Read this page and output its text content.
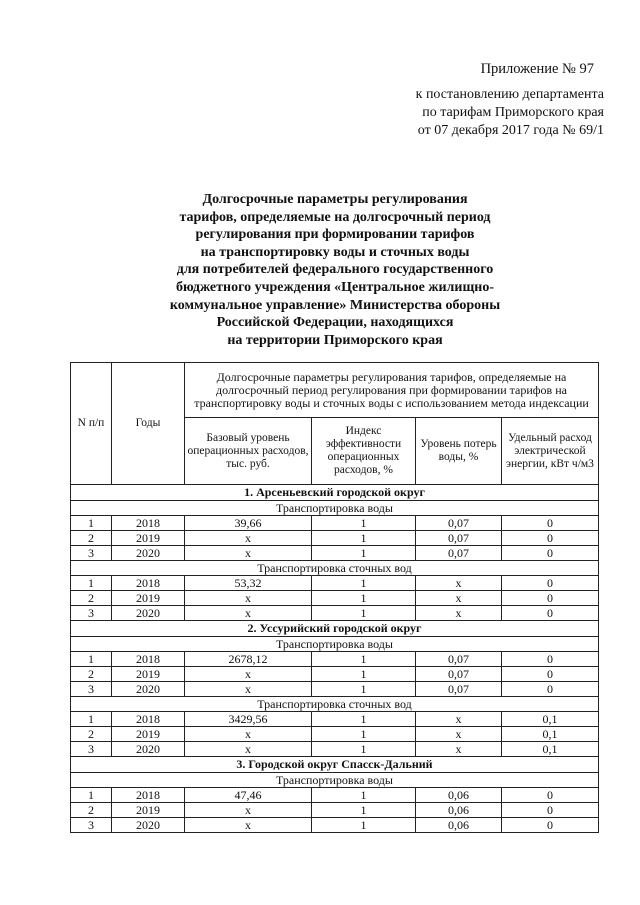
Приложение № 97
к постановлению департамента
по тарифам Приморского края
от 07 декабря 2017 года № 69/1
Долгосрочные параметры регулирования
тарифов, определяемые на долгосрочный период
регулирования при формировании тарифов
на транспортировку воды и сточных воды
для потребителей федерального государственного
бюджетного учреждения «Центральное жилищно-
коммунальное управление» Министерства обороны
Российской Федерации, находящихся
на территории Приморского края
N п/п	Годы	Долгосрочные параметры регулирования тарифов, определяемые на долгосрочный период регулирования при формировании тарифов на транспортировку воды и сточных воды с использованием метода индексации			
		Базовый уровень операционных расходов, тыс. руб.	Индекс эффективности операционных расходов, %	Уровень потерь воды, %	Удельный расход электрической энергии, кВт ч/м3
1. Арсеньевский городской округ					
Транспортировка воды					
1	2018	39,66	1	0,07	0
2	2019	х	1	0,07	0
3	2020	х	1	0,07	0
Транспортировка сточных вод					
1	2018	53,32	1	х	0
2	2019	х	1	х	0
3	2020	х	1	х	0
2. Уссурийский городской округ					
Транспортировка воды					
1	2018	2678,12	1	0,07	0
2	2019	х	1	0,07	0
3	2020	х	1	0,07	0
Транспортировка сточных вод					
1	2018	3429,56	1	х	0,1
2	2019	х	1	х	0,1
3	2020	х	1	х	0,1
3. Городской округ Спасск-Дальний					
Транспортировка воды					
1	2018	47,46	1	0,06	0
2	2019	х	1	0,06	0
3	2020	х	1	0,06	0
